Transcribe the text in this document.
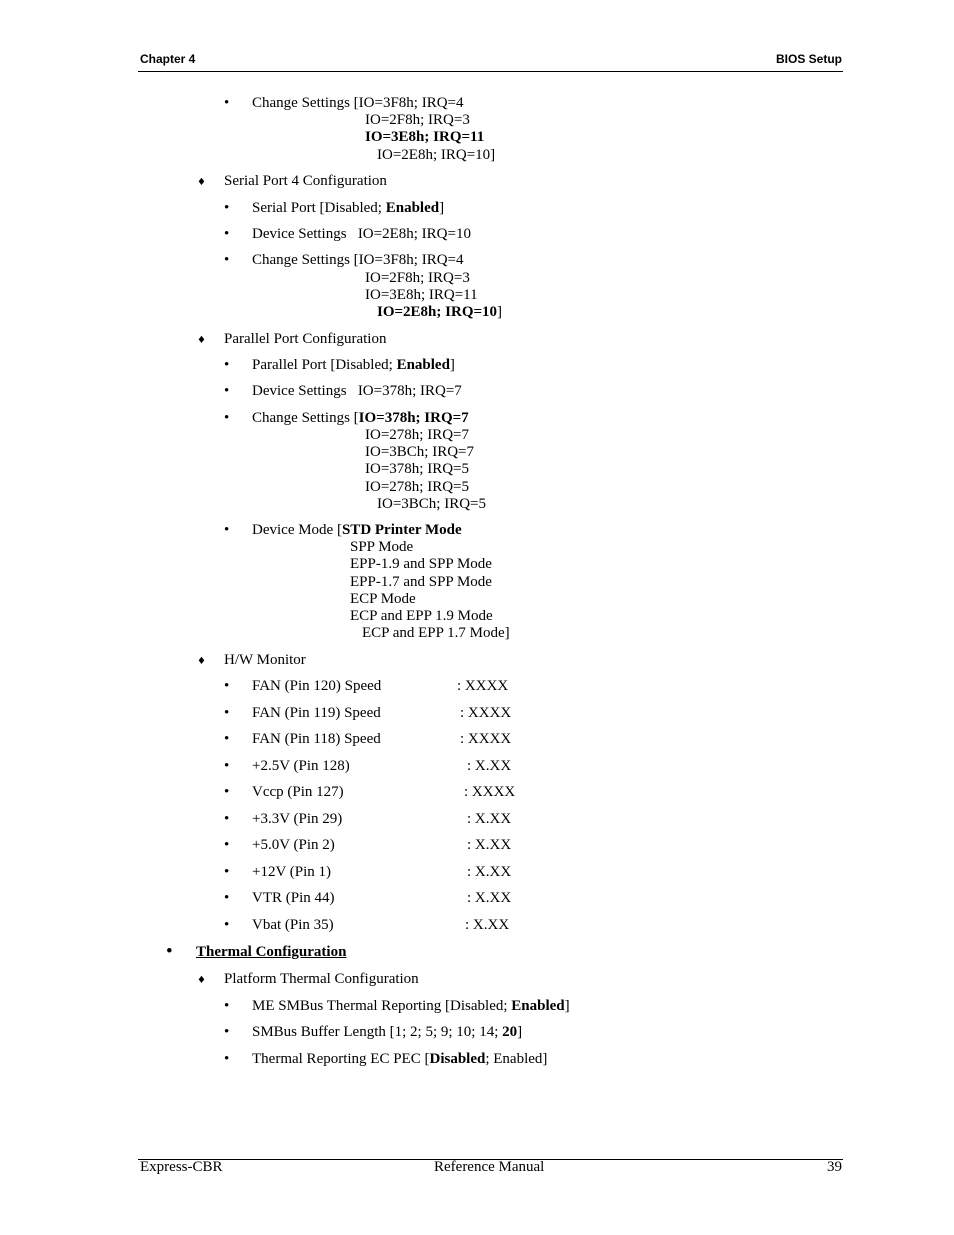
Chapter 4	BIOS Setup
• Change Settings [IO=3F8h; IRQ=4
IO=2F8h; IRQ=3
IO=3E8h; IRQ=11
IO=2E8h; IRQ=10]
♦ Serial Port 4 Configuration
• Serial Port [Disabled; Enabled]
• Device Settings   IO=2E8h; IRQ=10
• Change Settings [IO=3F8h; IRQ=4
IO=2F8h; IRQ=3
IO=3E8h; IRQ=11
IO=2E8h; IRQ=10]
♦ Parallel Port Configuration
• Parallel Port [Disabled; Enabled]
• Device Settings   IO=378h; IRQ=7
• Change Settings [IO=378h; IRQ=7
IO=278h; IRQ=7
IO=3BCh; IRQ=7
IO=378h; IRQ=5
IO=278h; IRQ=5
IO=3BCh; IRQ=5
• Device Mode [STD Printer Mode
SPP Mode
EPP-1.9 and SPP Mode
EPP-1.7 and SPP Mode
ECP Mode
ECP and EPP 1.9 Mode
ECP and EPP 1.7 Mode]
♦ H/W Monitor
• FAN (Pin 120) Speed	: XXXX
• FAN (Pin 119) Speed	: XXXX
• FAN (Pin 118) Speed	: XXXX
• +2.5V (Pin 128)	: X.XX
• Vccp (Pin 127)	: XXXX
• +3.3V (Pin 29)	: X.XX
• +5.0V (Pin 2)	: X.XX
• +12V (Pin 1)	: X.XX
• VTR (Pin 44)	: X.XX
• Vbat (Pin 35)	: X.XX
• Thermal Configuration
♦ Platform Thermal Configuration
• ME SMBus Thermal Reporting [Disabled; Enabled]
• SMBus Buffer Length [1; 2; 5; 9; 10; 14; 20]
• Thermal Reporting EC PEC [Disabled; Enabled]
Express-CBR	Reference Manual	39
